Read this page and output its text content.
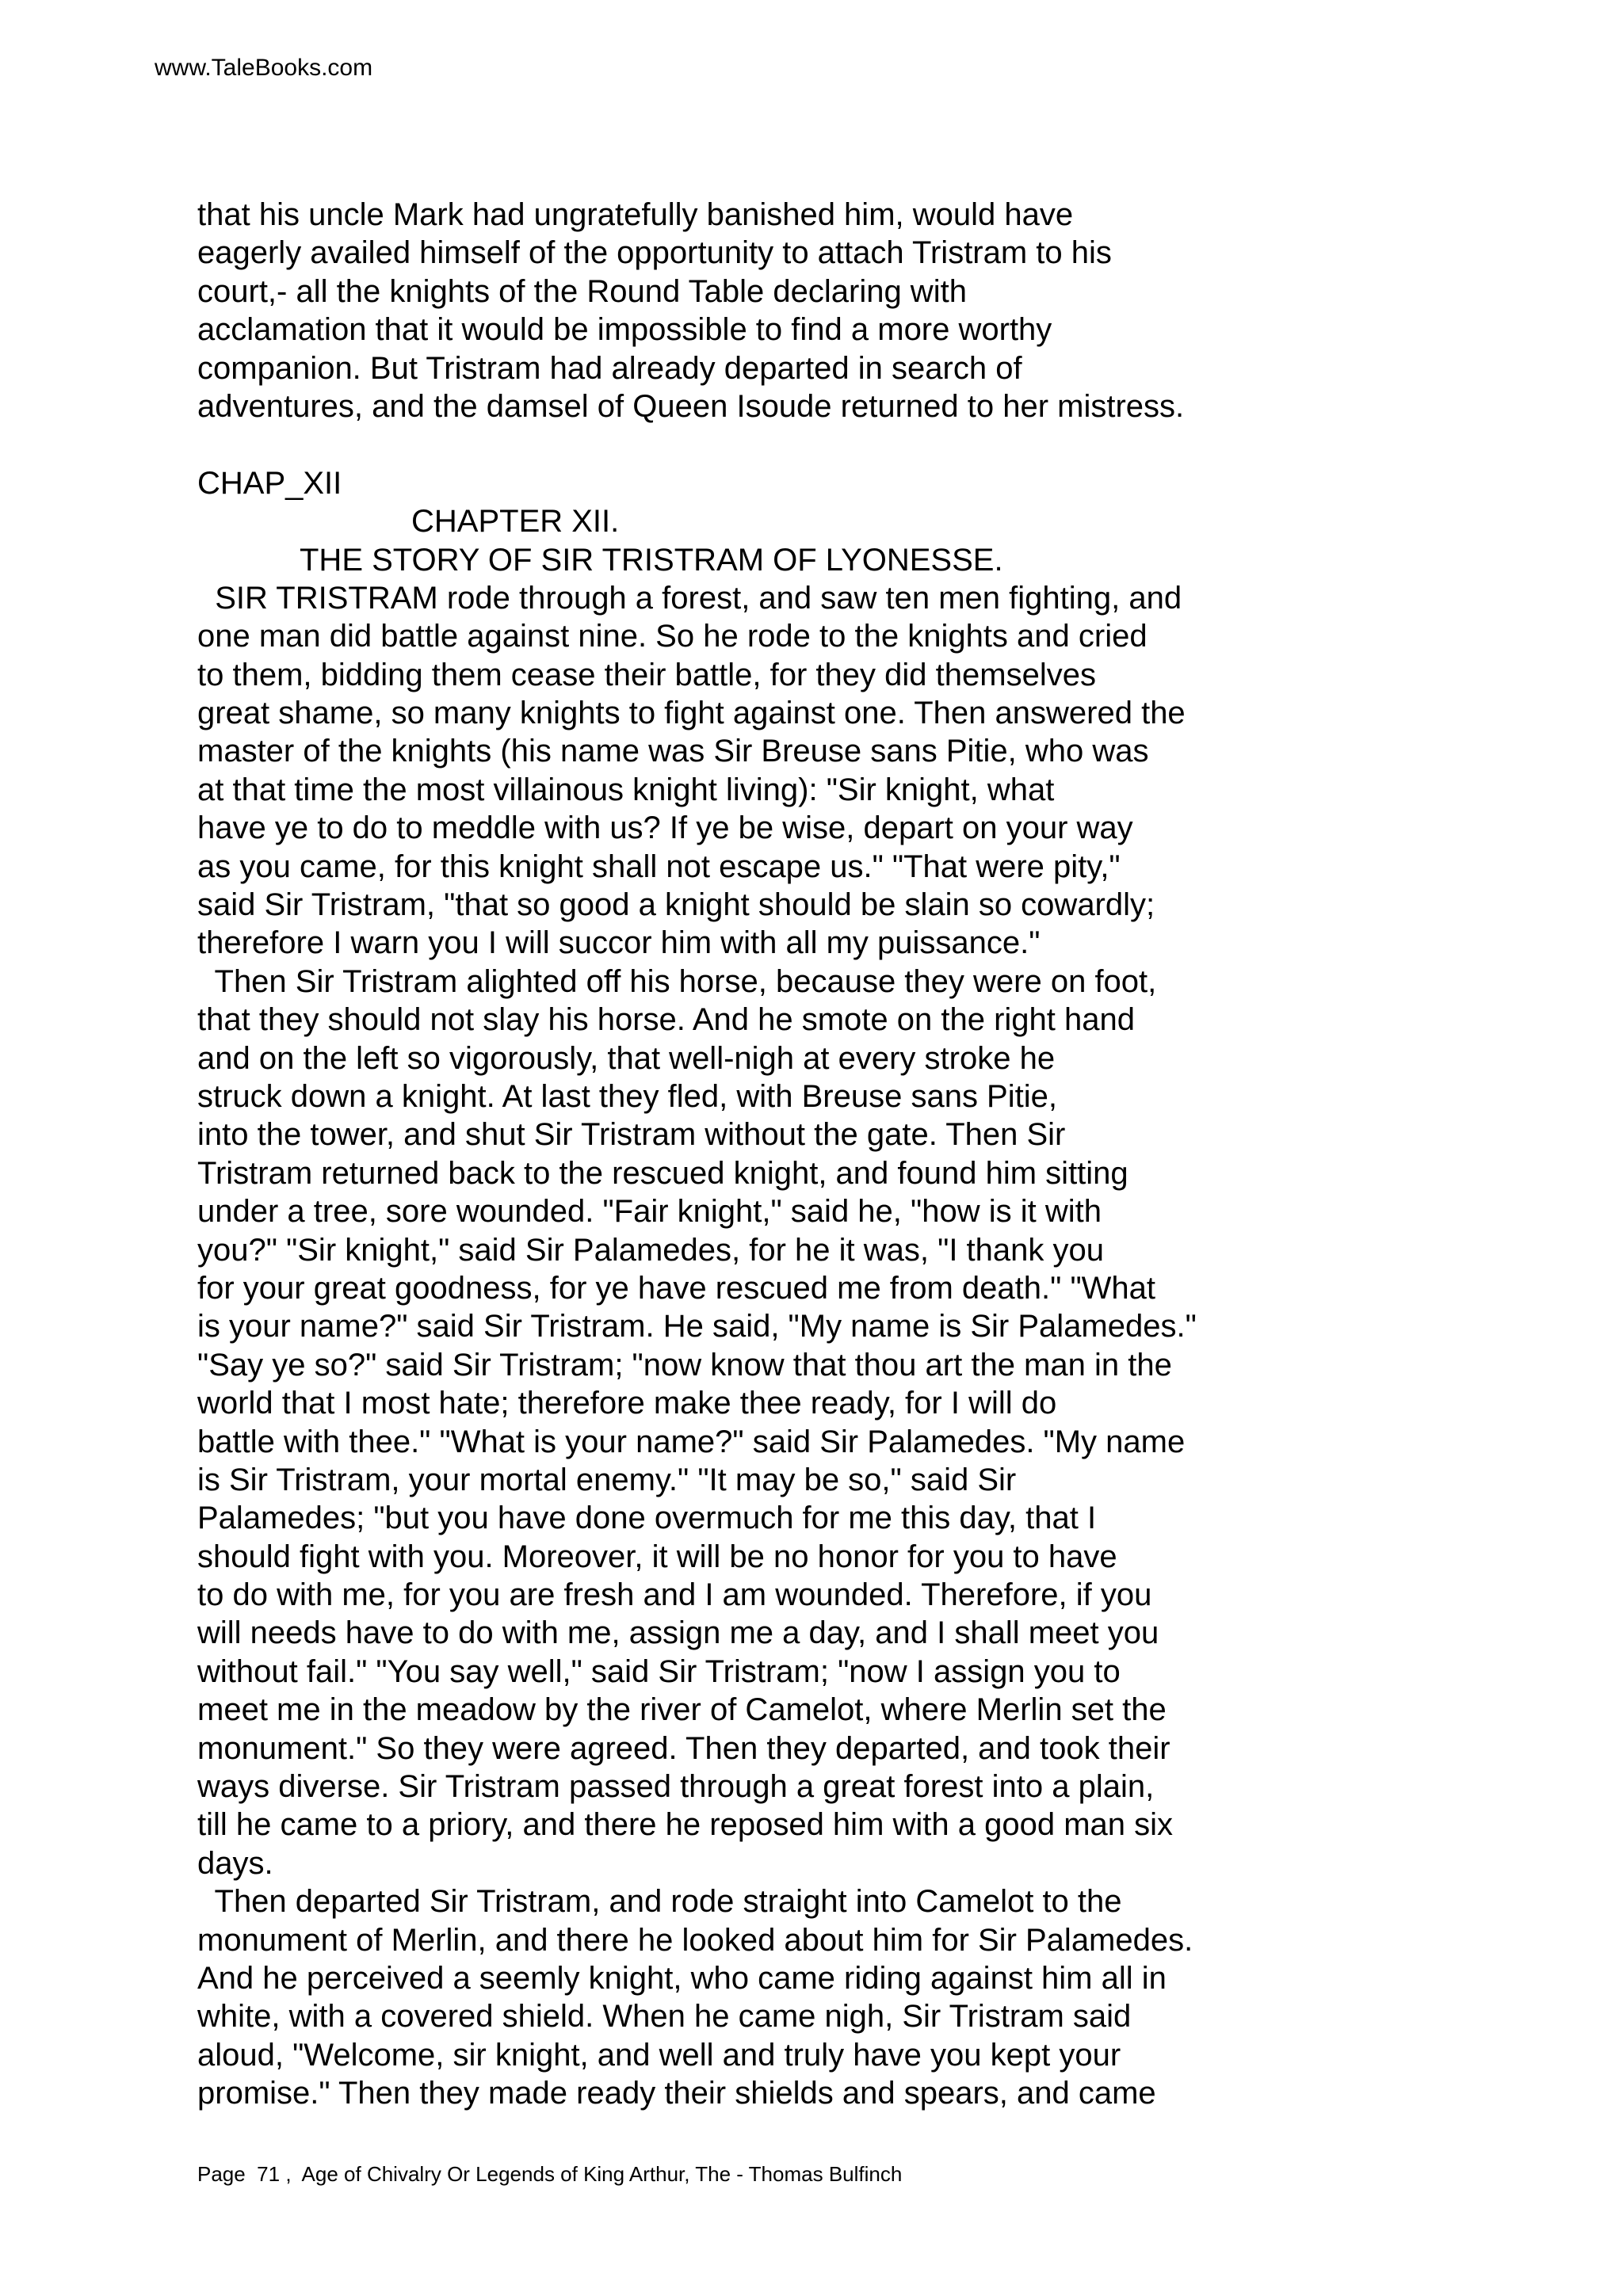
www.TaleBooks.com
that his uncle Mark had ungratefully banished him, would have
eagerly availed himself of the opportunity to attach Tristram to his
court,- all the knights of the Round Table declaring with
acclamation that it would be impossible to find a more worthy
companion. But Tristram had already departed in search of
adventures, and the damsel of Queen Isoude returned to her mistress.
CHAP_XII
CHAPTER XII.
THE STORY OF SIR TRISTRAM OF LYONESSE.
SIR TRISTRAM rode through a forest, and saw ten men fighting, and
one man did battle against nine. So he rode to the knights and cried
to them, bidding them cease their battle, for they did themselves
great shame, so many knights to fight against one. Then answered the
master of the knights (his name was Sir Breuse sans Pitie, who was
at that time the most villainous knight living): "Sir knight, what
have ye to do to meddle with us? If ye be wise, depart on your way
as you came, for this knight shall not escape us." "That were pity,"
said Sir Tristram, "that so good a knight should be slain so cowardly;
therefore I warn you I will succor him with all my puissance."
Then Sir Tristram alighted off his horse, because they were on foot,
that they should not slay his horse. And he smote on the right hand
and on the left so vigorously, that well-nigh at every stroke he
struck down a knight. At last they fled, with Breuse sans Pitie,
into the tower, and shut Sir Tristram without the gate. Then Sir
Tristram returned back to the rescued knight, and found him sitting
under a tree, sore wounded. "Fair knight," said he, "how is it with
you?" "Sir knight," said Sir Palamedes, for he it was, "I thank you
for your great goodness, for ye have rescued me from death." "What
is your name?" said Sir Tristram. He said, "My name is Sir Palamedes."
"Say ye so?" said Sir Tristram; "now know that thou art the man in the
world that I most hate; therefore make thee ready, for I will do
battle with thee." "What is your name?" said Sir Palamedes. "My name
is Sir Tristram, your mortal enemy." "It may be so," said Sir
Palamedes; "but you have done overmuch for me this day, that I
should fight with you. Moreover, it will be no honor for you to have
to do with me, for you are fresh and I am wounded. Therefore, if you
will needs have to do with me, assign me a day, and I shall meet you
without fail." "You say well," said Sir Tristram; "now I assign you to
meet me in the meadow by the river of Camelot, where Merlin set the
monument." So they were agreed. Then they departed, and took their
ways diverse. Sir Tristram passed through a great forest into a plain,
till he came to a priory, and there he reposed him with a good man six
days.
Then departed Sir Tristram, and rode straight into Camelot to the
monument of Merlin, and there he looked about him for Sir Palamedes.
And he perceived a seemly knight, who came riding against him all in
white, with a covered shield. When he came nigh, Sir Tristram said
aloud, "Welcome, sir knight, and well and truly have you kept your
promise." Then they made ready their shields and spears, and came
Page  71 ,  Age of Chivalry Or Legends of King Arthur, The - Thomas Bulfinch
